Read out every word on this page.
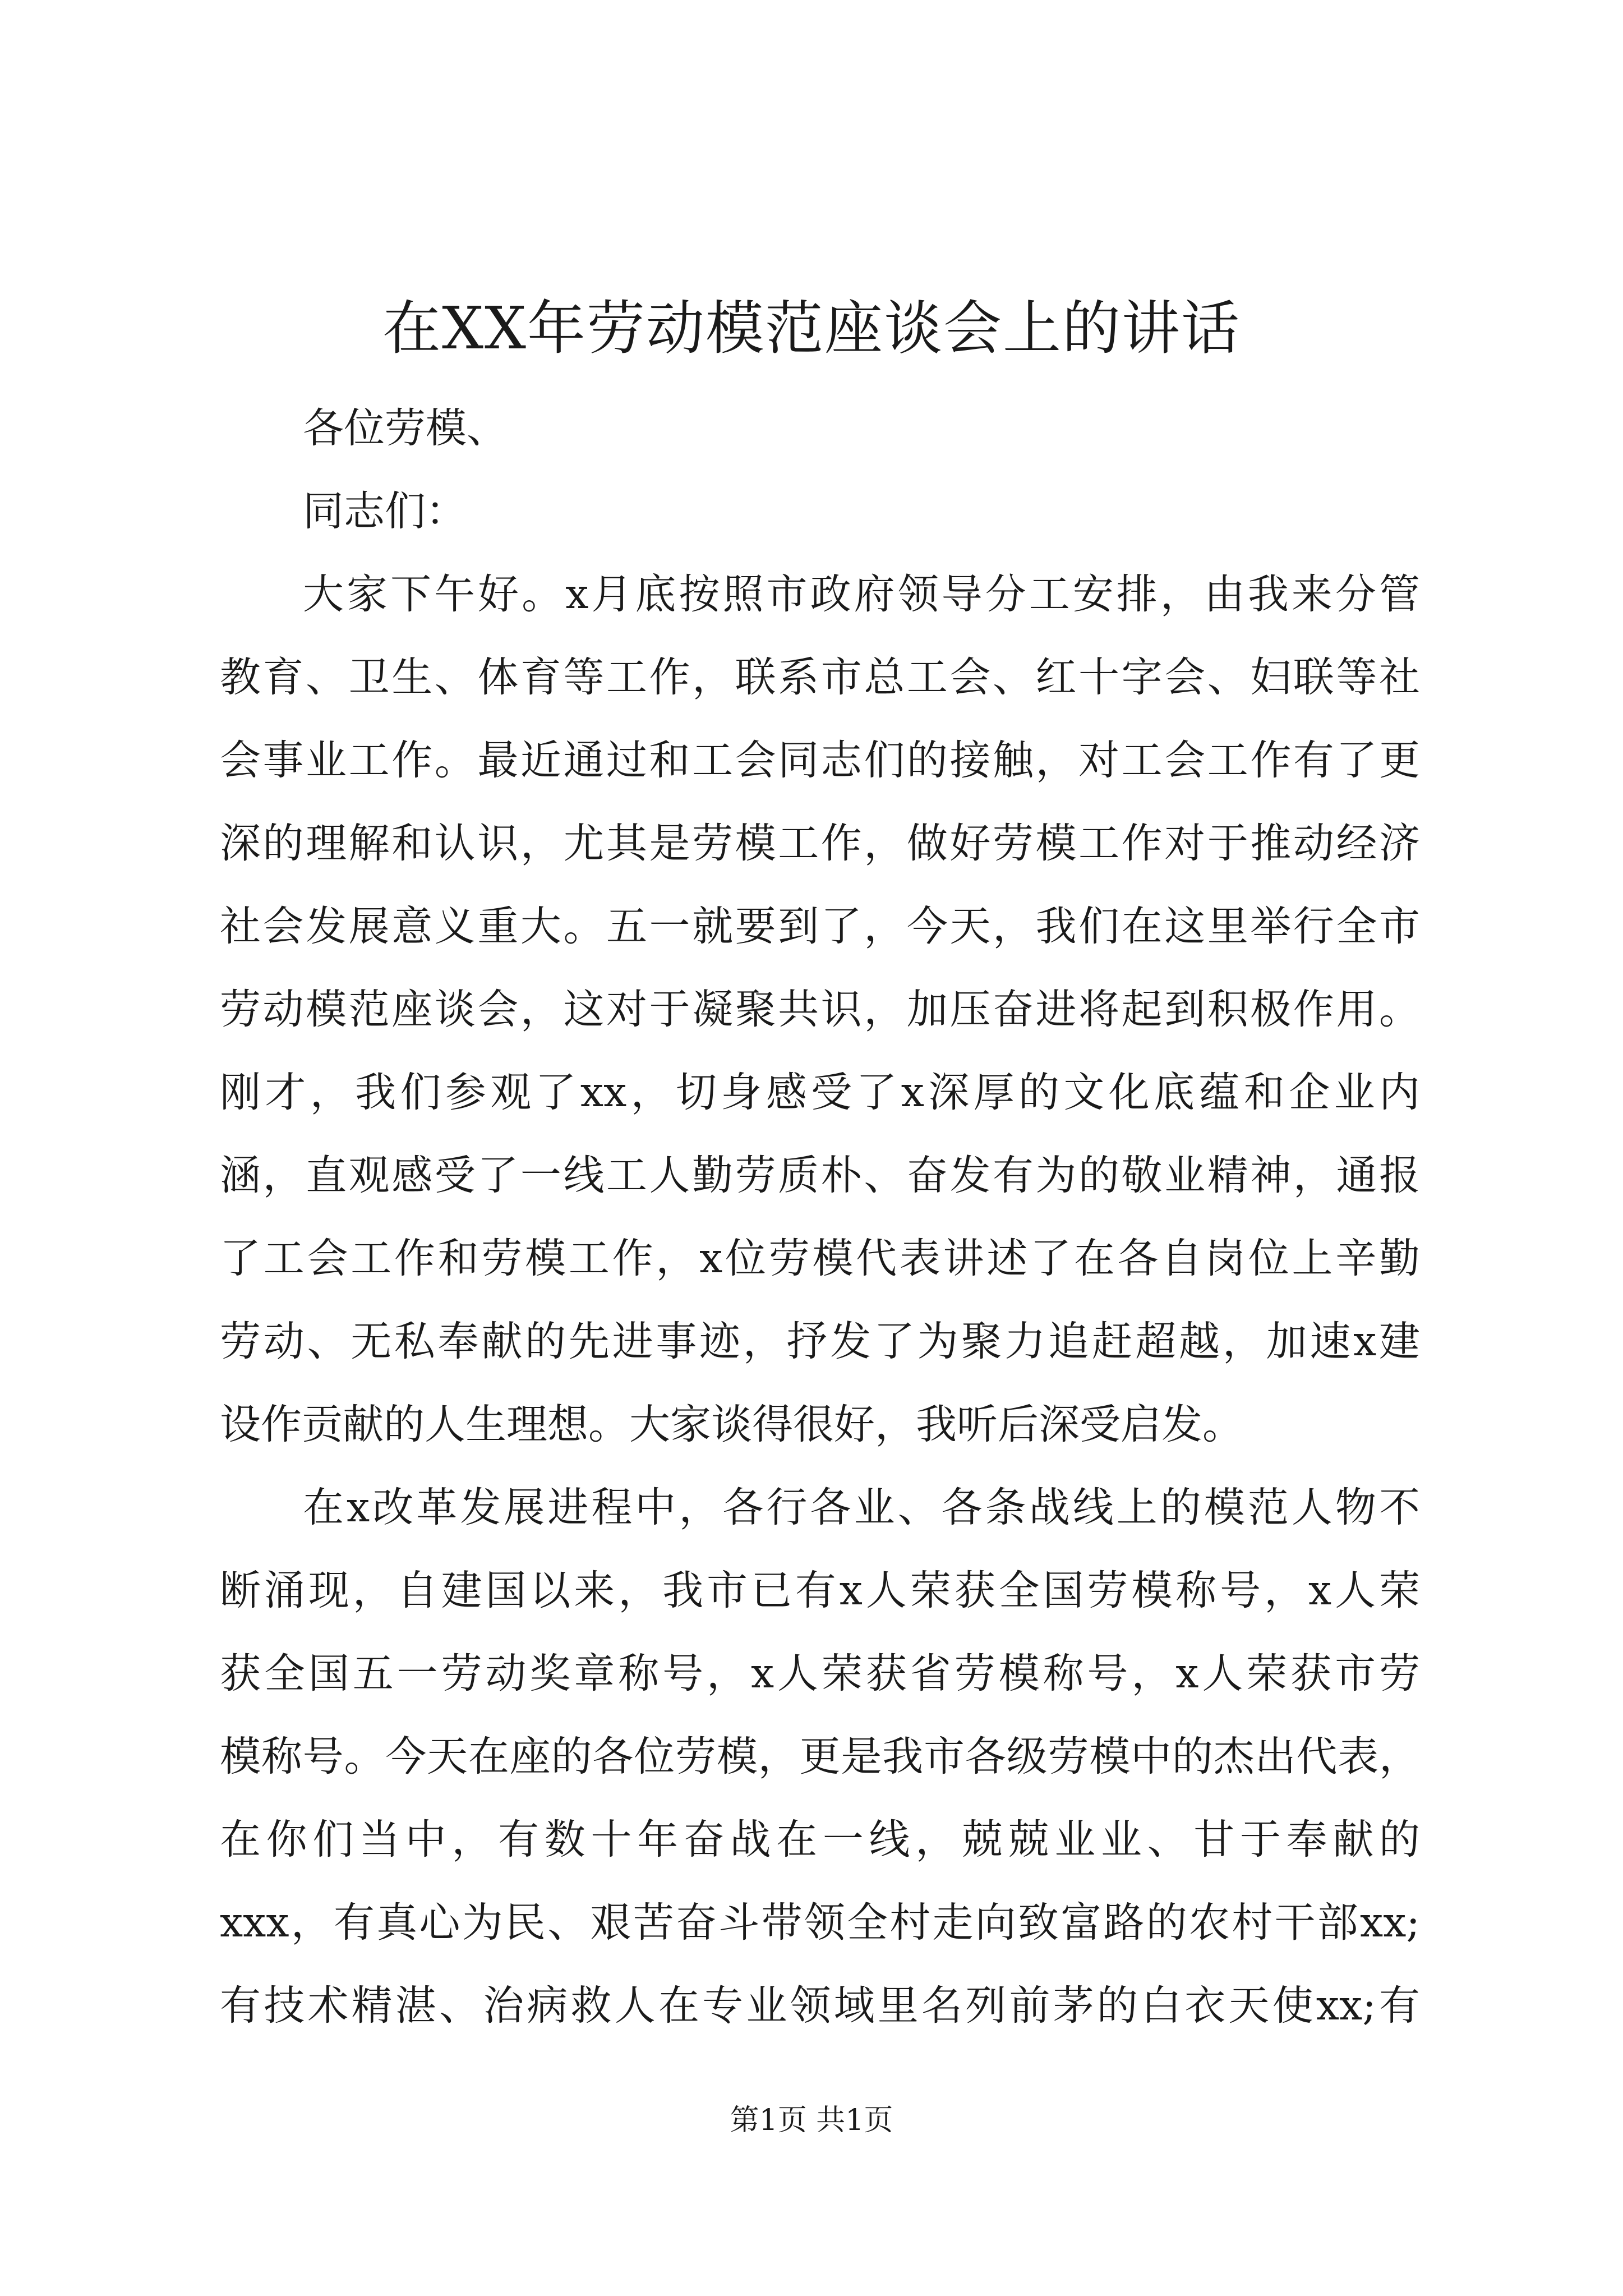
在XX年劳动模范座谈会上的讲话
各位劳模、
同志们：
大家下午好。x月底按照市政府领导分工安排，由我来分管
教育、卫生、体育等工作，联系市总工会、红十字会、妇联等社
会事业工作。最近通过和工会同志们的接触，对工会工作有了更
深的理解和认识，尤其是劳模工作，做好劳模工作对于推动经济
社会发展意义重大。五一就要到了，今天，我们在这里举行全市
劳动模范座谈会，这对于凝聚共识，加压奋进将起到积极作用。
刚才，我们参观了xx，切身感受了x深厚的文化底蕴和企业内
涵，直观感受了一线工人勤劳质朴、奋发有为的敬业精神，通报
了工会工作和劳模工作，x位劳模代表讲述了在各自岗位上辛勤
劳动、无私奉献的先进事迹，抒发了为聚力追赶超越，加速x建
设作贡献的人生理想。大家谈得很好，我听后深受启发。
在x改革发展进程中，各行各业、各条战线上的模范人物不
断涌现，自建国以来，我市已有x人荣获全国劳模称号，x人荣
获全国五一劳动奖章称号，x人荣获省劳模称号，x人荣获市劳
模称号。今天在座的各位劳模，更是我市各级劳模中的杰出代表，
在你们当中，有数十年奋战在一线，兢兢业业、甘于奉献的
xxx，有真心为民、艰苦奋斗带领全村走向致富路的农村干部xx;
有技术精湛、治病救人在专业领域里名列前茅的白衣天使xx;有
第1页 共1页
